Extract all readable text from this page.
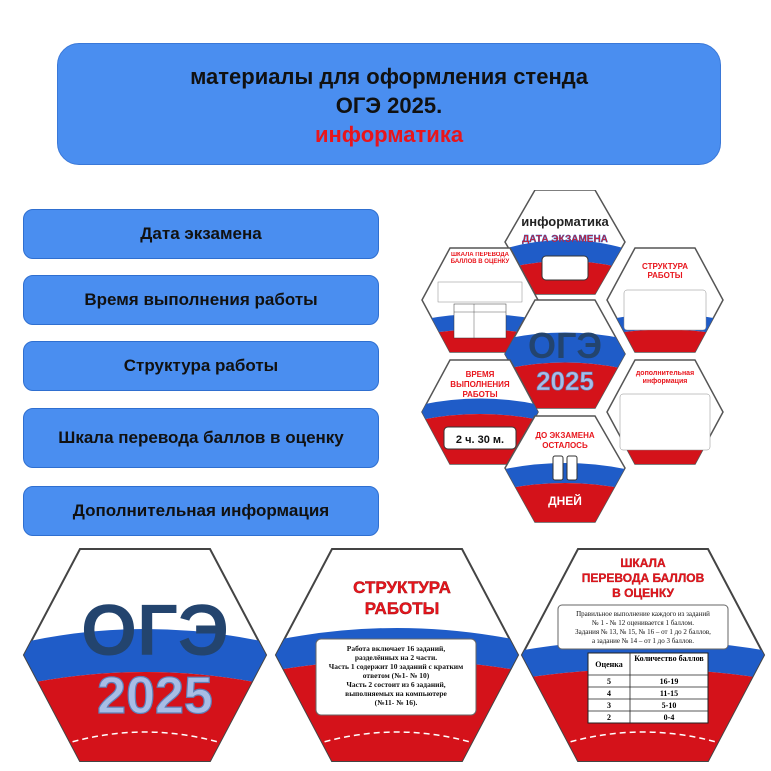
материалы для оформления стенда
ОГЭ 2025.
информатика
Дата экзамена
Время выполнения работы
Структура работы
Шкала перевода баллов в оценку
Дополнительная информация
информатика
ДАТА ЭКЗАМЕНА
ШКАЛА ПЕРЕВОДА БАЛЛОВ В ОЦЕНКУ	СТРУКТУРА РАБОТЫ
ОГЭ
2025
ВРЕМЯ ВЫПОЛНЕНИЯ РАБОТЫ
2 ч. 30 м.
дополнительная информация
ДО ЭКЗАМЕНА
ОСТАЛОСЬ
ДНЕЙ
ОГЭ
2025
СТРУКТУРА
РАБОТЫ
Работа включает 16 заданий,
разделённых на 2 части.
Часть 1 содержит 10 заданий с кратким
ответом (№1- № 10)
Часть 2 состоит из 6 заданий,
выполняемых на компьютере
(№11- № 16).
ШКАЛА
ПЕРЕВОДА БАЛЛОВ
В ОЦЕНКУ
Правильное выполнение каждого из заданий
№ 1 - № 12 оценивается 1 баллом.
Задания № 13, № 15, № 16 – от 1 до 2 баллов,
а задание № 14 – от 1 до 3 баллов.
Оценка
Количество баллов
5	16-19
4	11-15
3	5-10
2	0-4
